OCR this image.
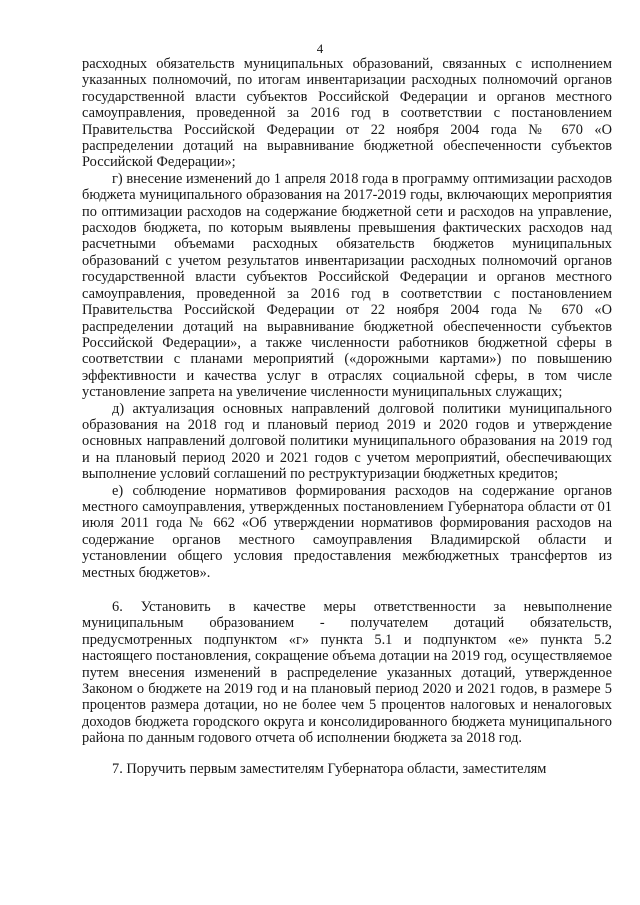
4

расходных обязательств муниципальных образований, связанных с исполнением указанных полномочий, по итогам инвентаризации расходных полномочий органов государственной власти субъектов Российской Федерации и органов местного самоуправления, проведенной за 2016 год в соответствии с постановлением Правительства Российской Федерации от 22 ноября 2004 года № 670 «О распределении дотаций на выравнивание бюджетной обеспеченности субъектов Российской Федерации»;

г) внесение изменений до 1 апреля 2018 года в программу оптимизации расходов бюджета муниципального образования на 2017-2019 годы, включающих мероприятия по оптимизации расходов на содержание бюджетной сети и расходов на управление, расходов бюджета, по которым выявлены превышения фактических расходов над расчетными объемами расходных обязательств бюджетов муниципальных образований с учетом результатов инвентаризации расходных полномочий органов государственной власти субъектов Российской Федерации и органов местного самоуправления, проведенной за 2016 год в соответствии с постановлением Правительства Российской Федерации от 22 ноября 2004 года № 670 «О распределении дотаций на выравнивание бюджетной обеспеченности субъектов Российской Федерации», а также численности работников бюджетной сферы в соответствии с планами мероприятий («дорожными картами») по повышению эффективности и качества услуг в отраслях социальной сферы, в том числе установление запрета на увеличение численности муниципальных служащих;

д) актуализация основных направлений долговой политики муниципального образования на 2018 год и плановый период 2019 и 2020 годов и утверждение основных направлений долговой политики муниципального образования на 2019 год и на плановый период 2020 и 2021 годов с учетом мероприятий, обеспечивающих выполнение условий соглашений по реструктуризации бюджетных кредитов;

е) соблюдение нормативов формирования расходов на содержание органов местного самоуправления, утвержденных постановлением Губернатора области от 01 июля 2011 года № 662 «Об утверждении нормативов формирования расходов на содержание органов местного самоуправления Владимирской области и установлении общего условия предоставления межбюджетных трансфертов из местных бюджетов».

6. Установить в качестве меры ответственности за невыполнение муниципальным образованием - получателем дотаций обязательств, предусмотренных подпунктом «г» пункта 5.1 и подпунктом «е» пункта 5.2 настоящего постановления, сокращение объема дотации на 2019 год, осуществляемое путем внесения изменений в распределение указанных дотаций, утвержденное Законом о бюджете на 2019 год и на плановый период 2020 и 2021 годов, в размере 5 процентов размера дотации, но не более чем 5 процентов налоговых и неналоговых доходов бюджета городского округа и консолидированного бюджета муниципального района по данным годового отчета об исполнении бюджета за 2018 год.

7. Поручить первым заместителям Губернатора области, заместителям
